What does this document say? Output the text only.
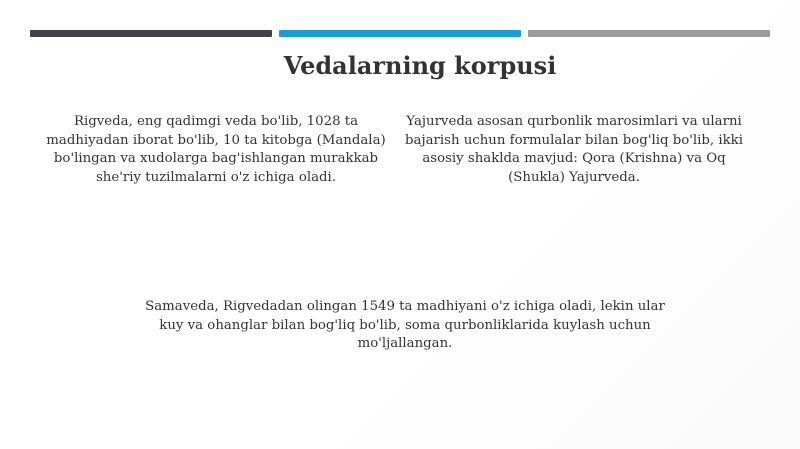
Vedalarning korpusi

Rigveda, eng qadimgi veda bo'lib, 1028 ta madhiyadan iborat bo'lib, 10 ta kitobga (Mandala) bo'lingan va xudolarga bag'ishlangan murakkab she'riy tuzilmalarni o'z ichiga oladi.

Yajurveda asosan qurbonlik marosimlari va ularni bajarish uchun formulalar bilan bog'liq bo'lib, ikki asosiy shaklda mavjud: Qora (Krishna) va Oq (Shukla) Yajurveda.

Samaveda, Rigvedadan olingan 1549 ta madhiyani o'z ichiga oladi, lekin ular kuy va ohanglar bilan bog'liq bo'lib, soma qurbonliklarida kuylash uchun mo'ljallangan.
